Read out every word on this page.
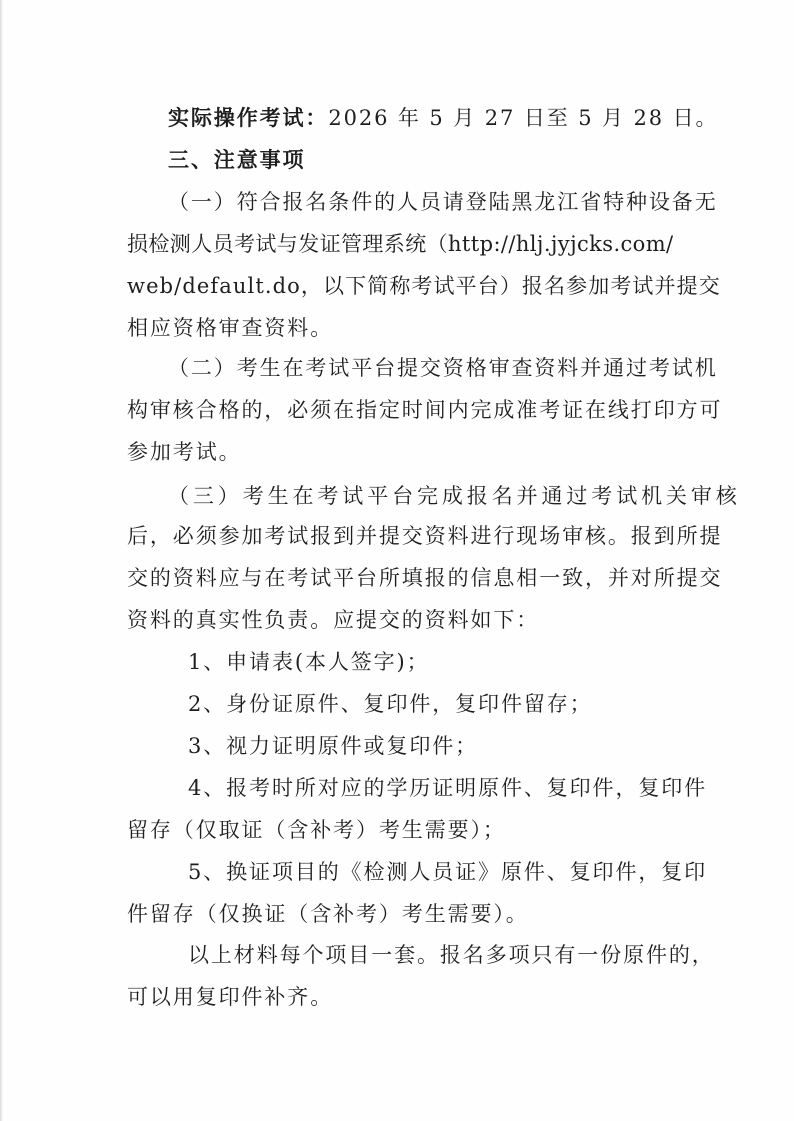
实际操作考试：2026 年 5 月 27 日至 5 月 28 日。
三、注意事项
（一）符合报名条件的人员请登陆黑龙江省特种设备无
损检测人员考试与发证管理系统（http://hlj.jyjcks.com/
web/default.do，以下简称考试平台）报名参加考试并提交
相应资格审查资料。
（二）考生在考试平台提交资格审查资料并通过考试机
构审核合格的，必须在指定时间内完成准考证在线打印方可
参加考试。
（三）考生在考试平台完成报名并通过考试机关审核
后，必须参加考试报到并提交资料进行现场审核。报到所提
交的资料应与在考试平台所填报的信息相一致，并对所提交
资料的真实性负责。应提交的资料如下：
1、申请表(本人签字)；
2、身份证原件、复印件，复印件留存；
3、视力证明原件或复印件；
4、报考时所对应的学历证明原件、复印件，复印件
留存（仅取证（含补考）考生需要）；
5、换证项目的《检测人员证》原件、复印件，复印
件留存（仅换证（含补考）考生需要）。
以上材料每个项目一套。报名多项只有一份原件的，
可以用复印件补齐。
